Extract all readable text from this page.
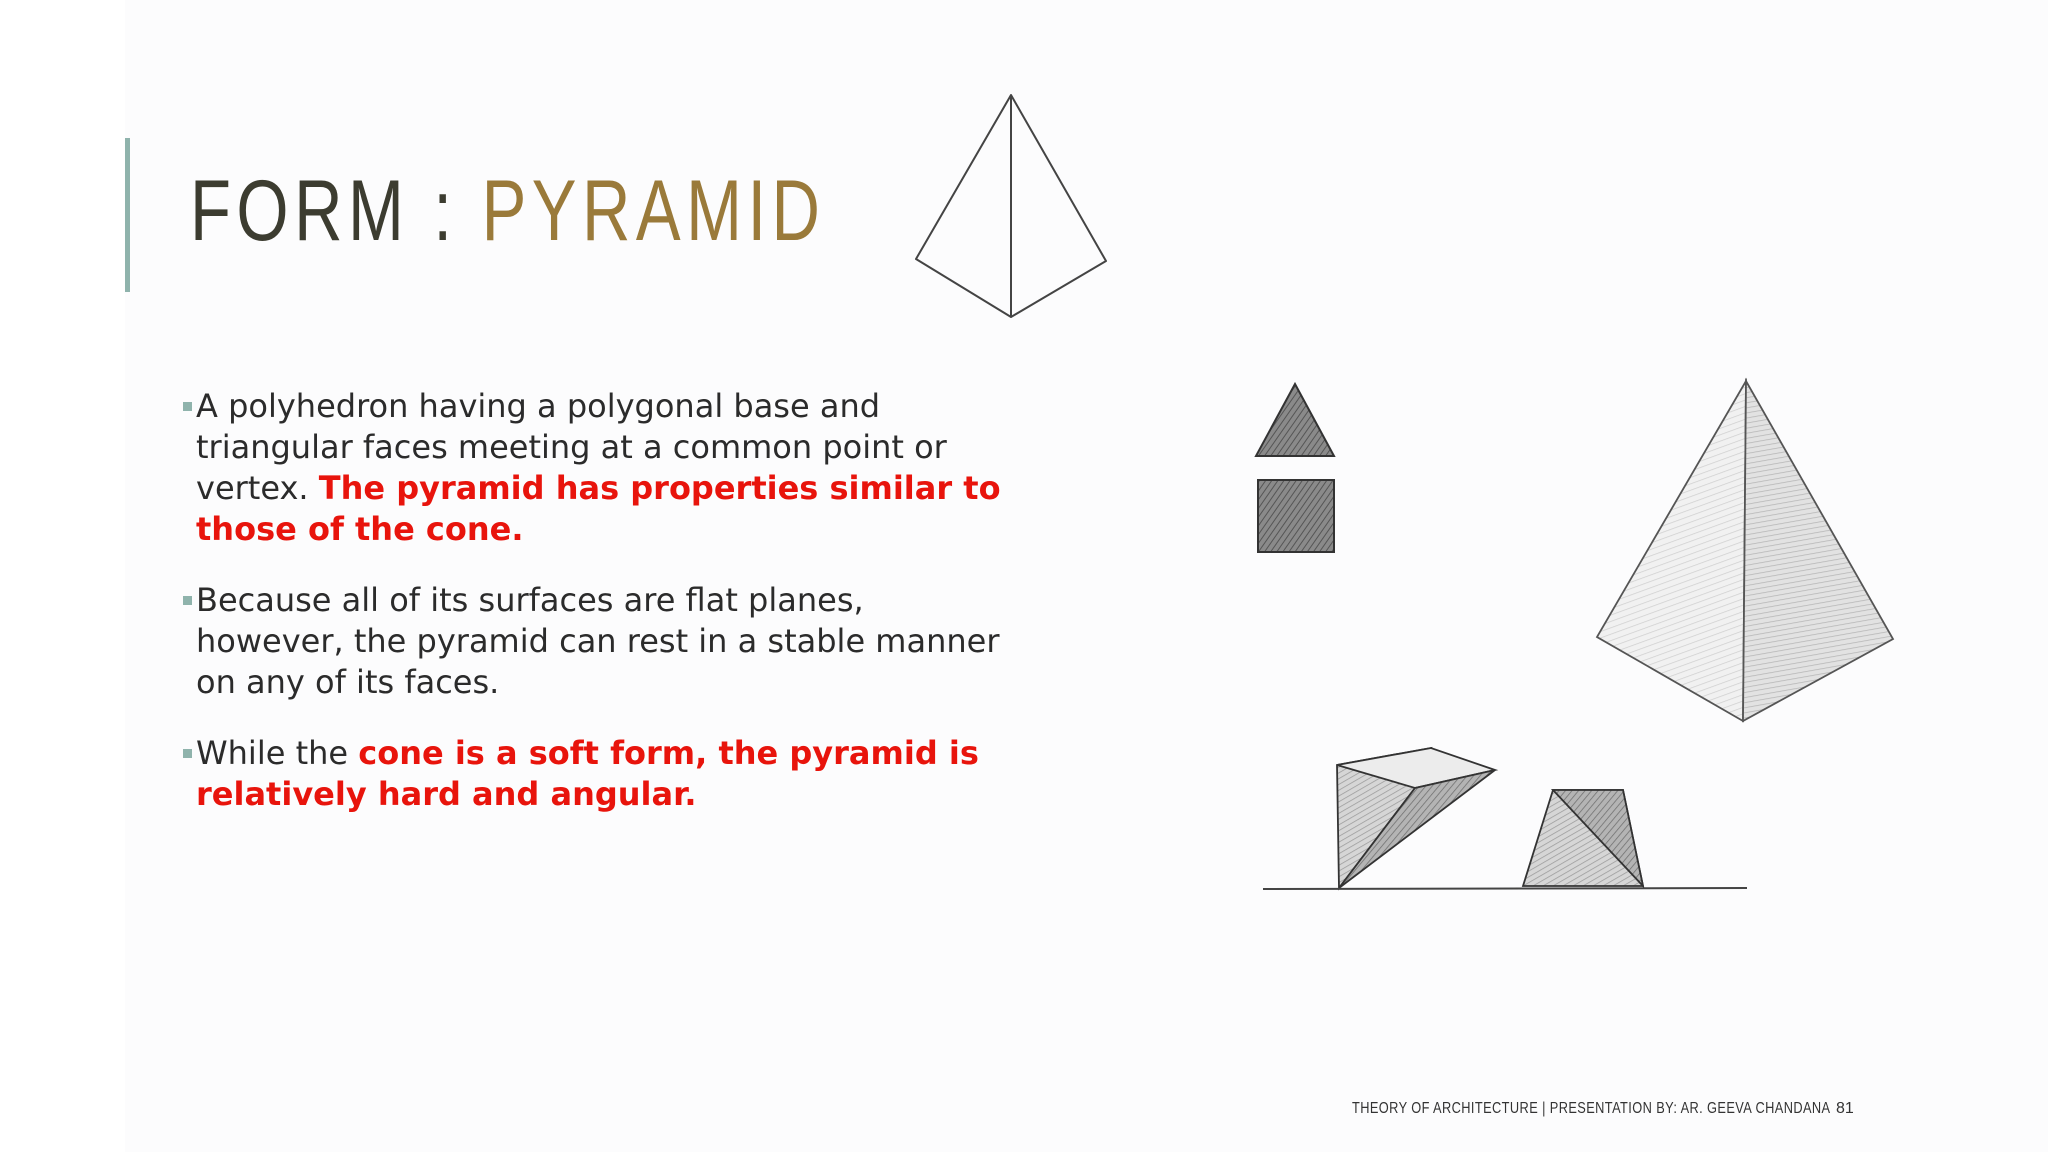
FORM : PYRAMID
A polyhedron having a polygonal base and triangular faces meeting at a common point or vertex. The pyramid has properties similar to those of the cone.
Because all of its surfaces are flat planes, however, the pyramid can rest in a stable manner on any of its faces.
While the cone is a soft form, the pyramid is relatively hard and angular.
THEORY OF ARCHITECTURE | PRESENTATION BY: AR. GEEVA CHANDANA 81
